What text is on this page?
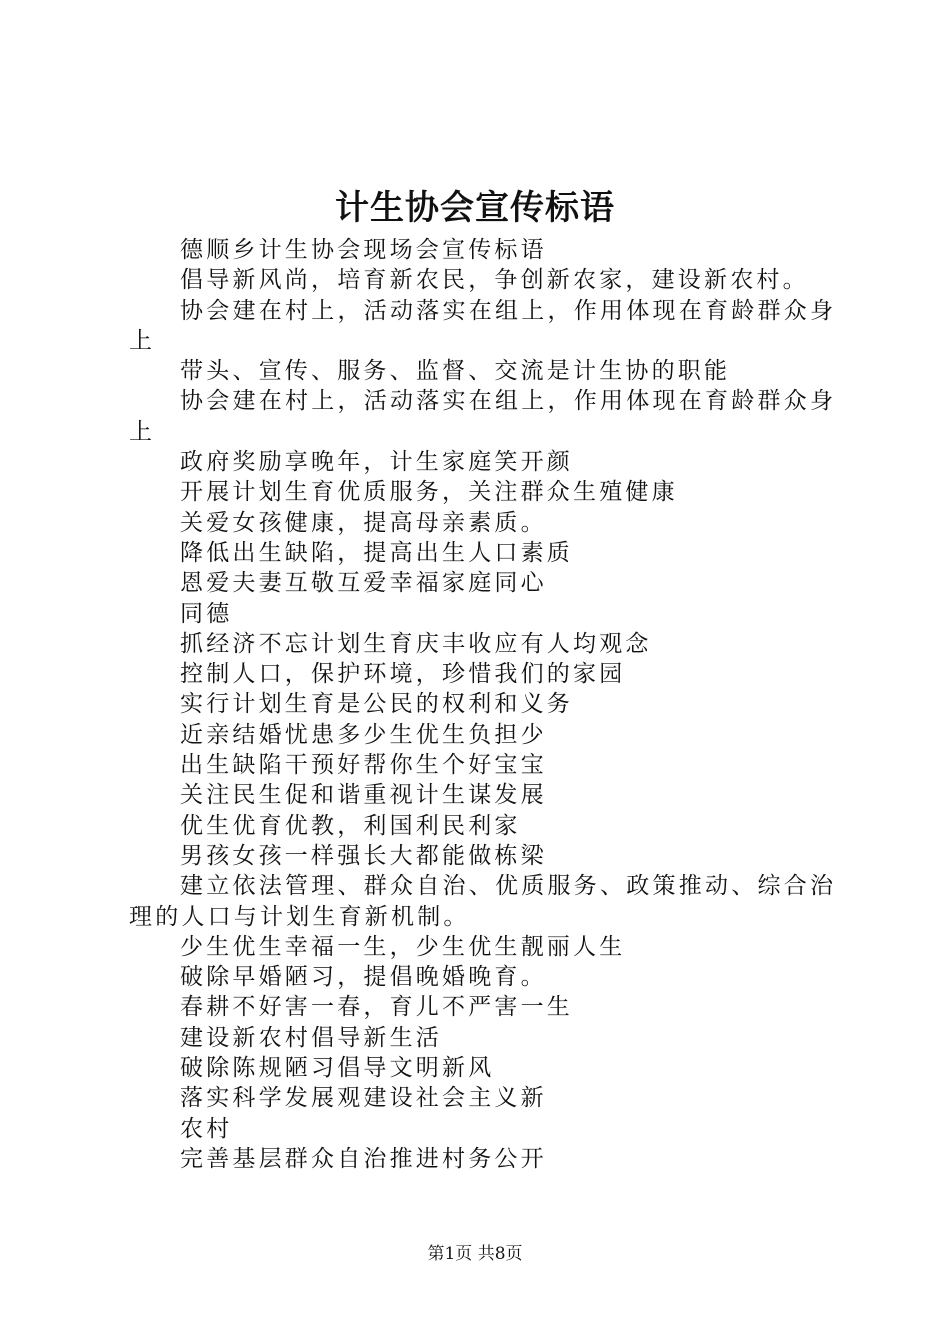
计生协会宣传标语
德顺乡计生协会现场会宣传标语
倡导新风尚，培育新农民，争创新农家，建设新农村。
协会建在村上，活动落实在组上，作用体现在育龄群众身
上
带头、宣传、服务、监督、交流是计生协的职能
协会建在村上，活动落实在组上，作用体现在育龄群众身
上
政府奖励享晚年，计生家庭笑开颜
开展计划生育优质服务，关注群众生殖健康
关爱女孩健康，提高母亲素质。
降低出生缺陷，提高出生人口素质
恩爱夫妻互敬互爱幸福家庭同心
同德
抓经济不忘计划生育庆丰收应有人均观念
控制人口，保护环境，珍惜我们的家园
实行计划生育是公民的权利和义务
近亲结婚忧患多少生优生负担少
出生缺陷干预好帮你生个好宝宝
关注民生促和谐重视计生谋发展
优生优育优教，利国利民利家
男孩女孩一样强长大都能做栋梁
建立依法管理、群众自治、优质服务、政策推动、综合治
理的人口与计划生育新机制。
少生优生幸福一生，少生优生靓丽人生
破除早婚陋习，提倡晚婚晚育。
春耕不好害一春，育儿不严害一生
建设新农村倡导新生活
破除陈规陋习倡导文明新风
落实科学发展观建设社会主义新
农村
完善基层群众自治推进村务公开
第1页 共8页
